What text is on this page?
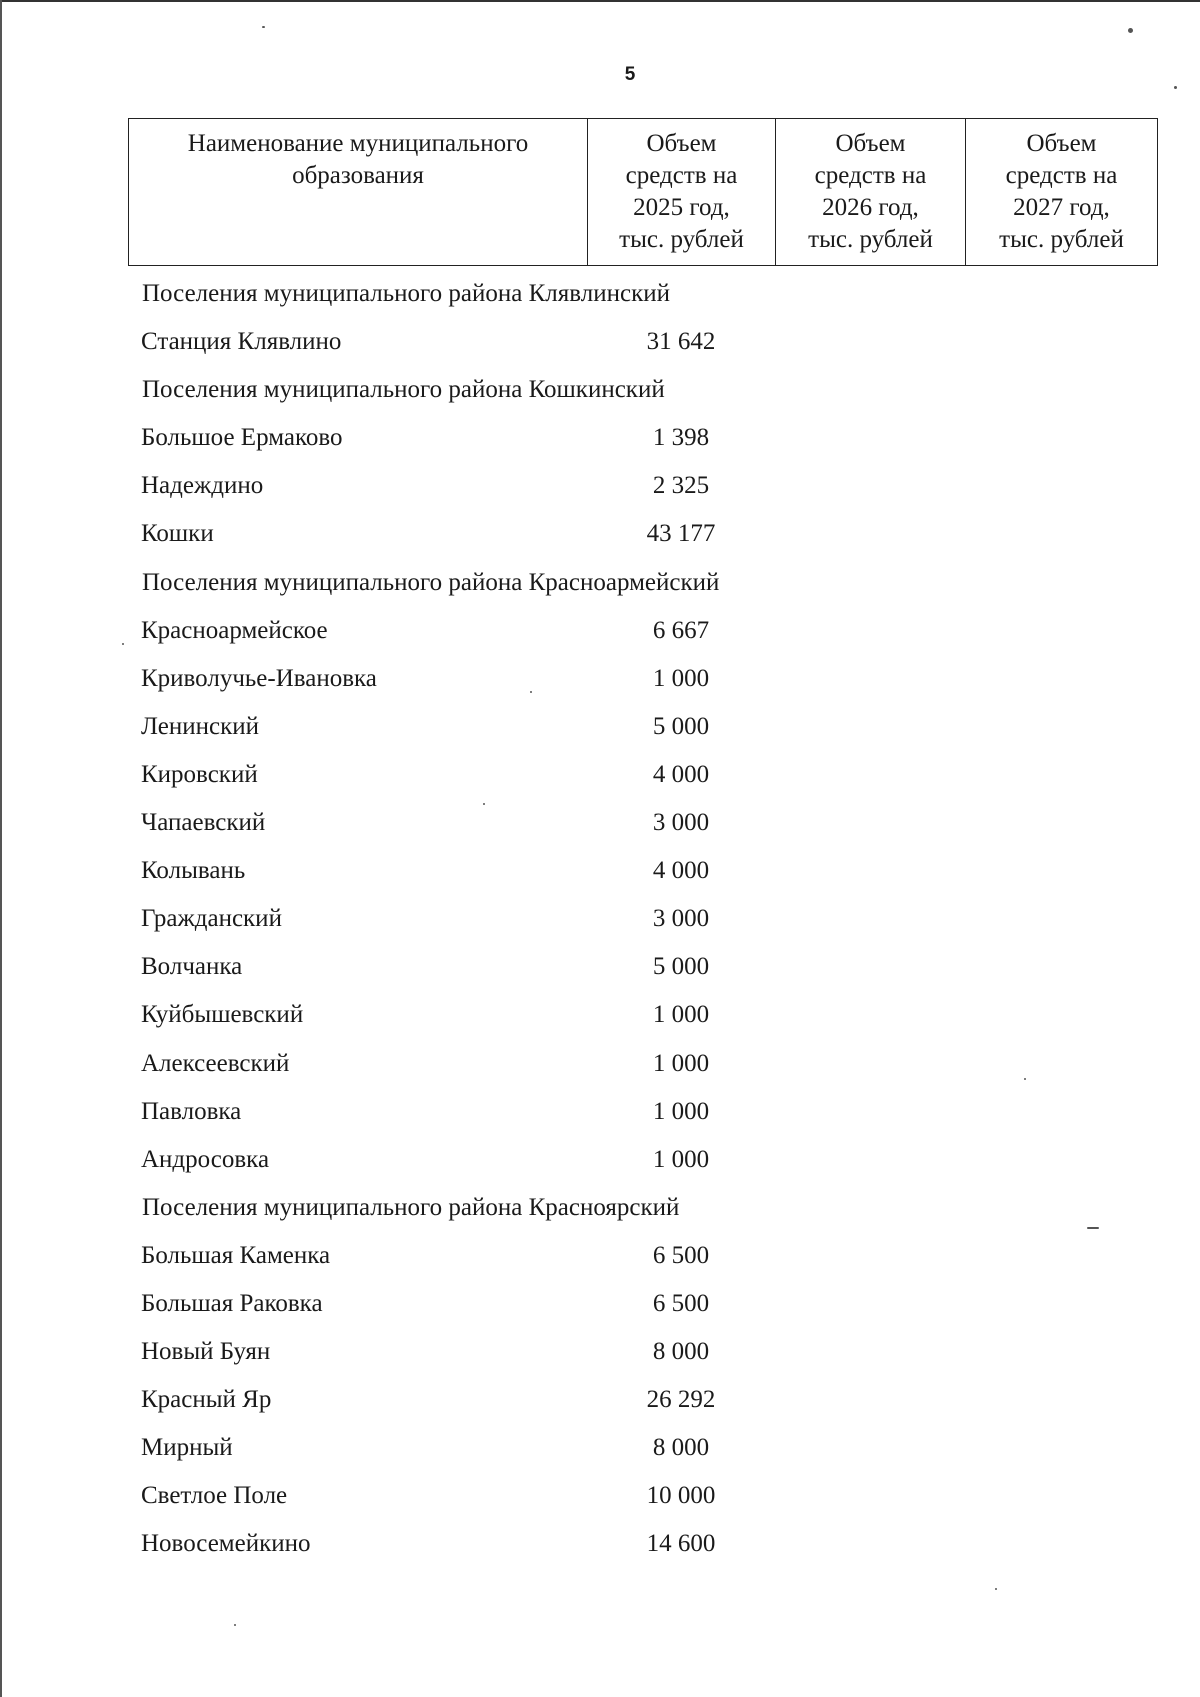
5
Наименование муниципального
образования	Объем
средств на
2025 год,
тыс. рублей	Объем
средств на
2026 год,
тыс. рублей	Объем
средств на
2027 год,
тыс. рублей
Поселения муниципального района Клявлинский
Станция Клявлино	31 642
Поселения муниципального района Кошкинский
Большое Ермаково	1 398
Надеждино	2 325
Кошки	43 177
Поселения муниципального района Красноармейский
Красноармейское	6 667
Криволучье-Ивановка	1 000
Ленинский	5 000
Кировский	4 000
Чапаевский	3 000
Колывань	4 000
Гражданский	3 000
Волчанка	5 000
Куйбышевский	1 000
Алексеевский	1 000
Павловка	1 000
Андросовка	1 000
Поселения муниципального района Красноярский
Большая Каменка	6 500
Большая Раковка	6 500
Новый Буян	8 000
Красный Яр	26 292
Мирный	8 000
Светлое Поле	10 000
Новосемейкино	14 600
